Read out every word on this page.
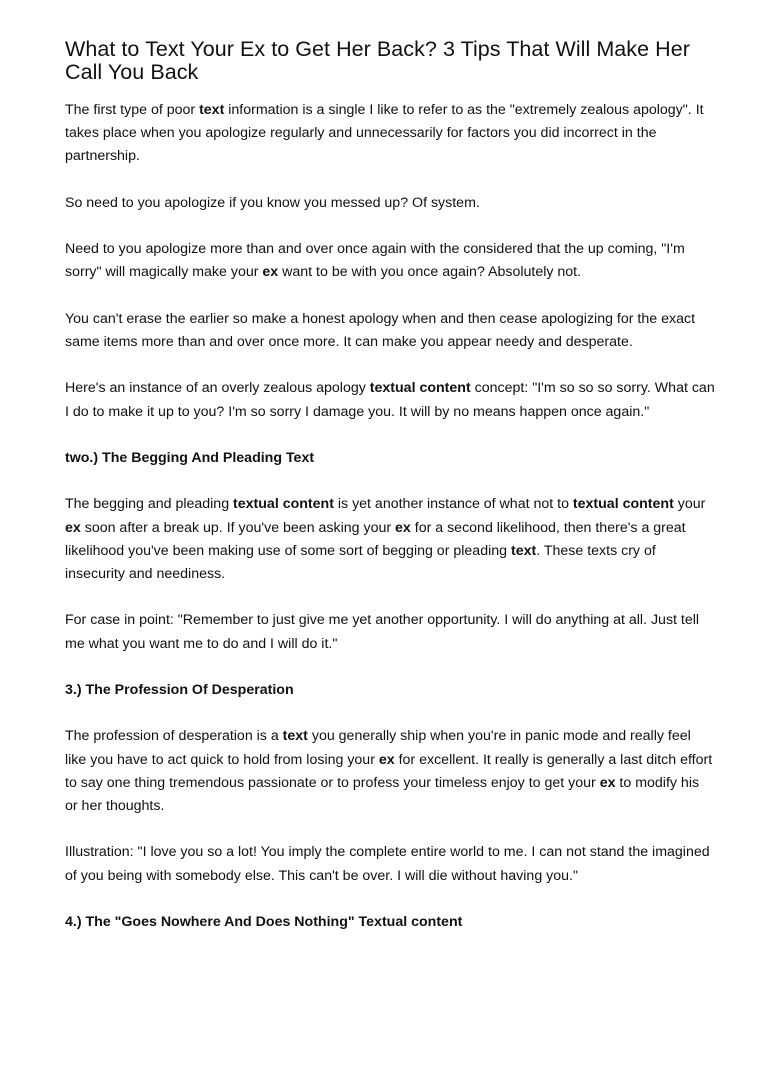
What to Text Your Ex to Get Her Back? 3 Tips That Will Make Her Call You Back

The first type of poor text information is a single I like to refer to as the "extremely zealous apology". It takes place when you apologize regularly and unnecessarily for factors you did incorrect in the partnership.

So need to you apologize if you know you messed up? Of system.

Need to you apologize more than and over once again with the considered that the up coming, "I'm sorry" will magically make your ex want to be with you once again? Absolutely not.

You can't erase the earlier so make a honest apology when and then cease apologizing for the exact same items more than and over once more. It can make you appear needy and desperate.

Here's an instance of an overly zealous apology textual content concept: "I'm so so so sorry. What can I do to make it up to you? I'm so sorry I damage you. It will by no means happen once again."

two.) The Begging And Pleading Text

The begging and pleading textual content is yet another instance of what not to textual content your ex soon after a break up. If you've been asking your ex for a second likelihood, then there's a great likelihood you've been making use of some sort of begging or pleading text. These texts cry of insecurity and neediness.

For case in point: "Remember to just give me yet another opportunity. I will do anything at all. Just tell me what you want me to do and I will do it."

3.) The Profession Of Desperation

The profession of desperation is a text you generally ship when you're in panic mode and really feel like you have to act quick to hold from losing your ex for excellent. It really is generally a last ditch effort to say one thing tremendous passionate or to profess your timeless enjoy to get your ex to modify his or her thoughts.

Illustration: "I love you so a lot! You imply the complete entire world to me. I can not stand the imagined of you being with somebody else. This can't be over. I will die without having you."

4.) The "Goes Nowhere And Does Nothing" Textual content
